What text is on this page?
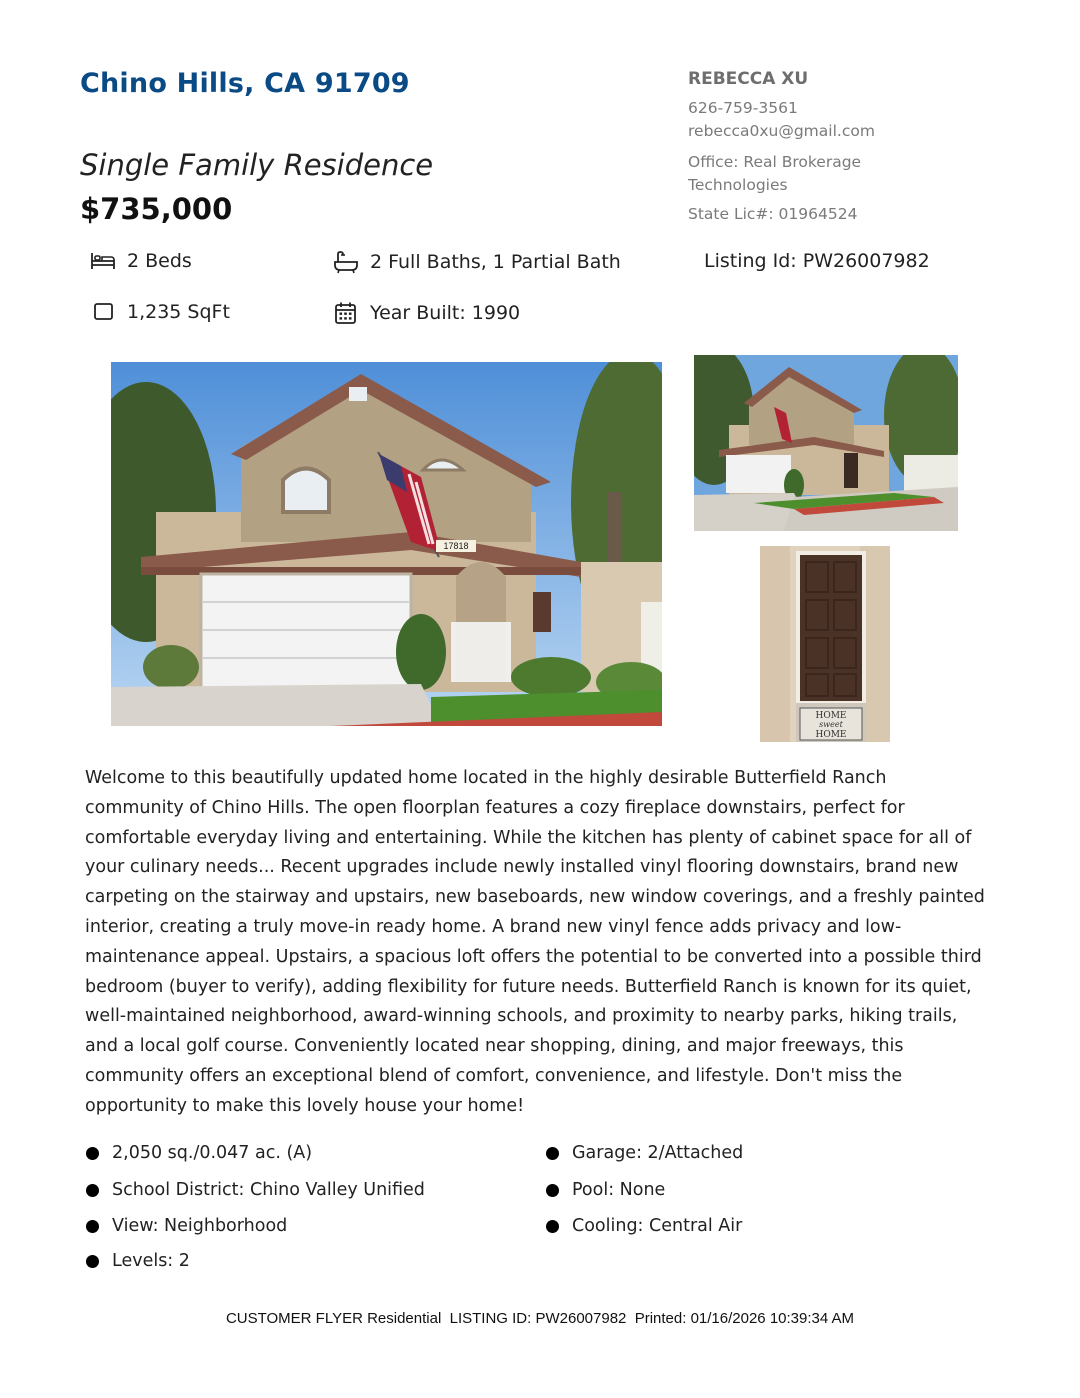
Chino Hills, CA 91709
Single Family Residence
$735,000
REBECCA XU
626-759-3561
rebecca0xu@gmail.com
Office: Real Brokerage
Technologies
State Lic#: 01964524
2 Beds	2 Full Baths, 1 Partial Bath	Listing Id: PW26007982
1,235 SqFt	Year Built: 1990
17818
HOME
sweet
HOME
Welcome to this beautifully updated home located in the highly desirable Butterfield Ranch community of Chino Hills. The open floorplan features a cozy fireplace downstairs, perfect for comfortable everyday living and entertaining. While the kitchen has plenty of cabinet space for all of your culinary needs... Recent upgrades include newly installed vinyl flooring downstairs, brand new carpeting on the stairway and upstairs, new baseboards, new window coverings, and a freshly painted interior, creating a truly move-in ready home. A brand new vinyl fence adds privacy and low-maintenance appeal. Upstairs, a spacious loft offers the potential to be converted into a possible third bedroom (buyer to verify), adding flexibility for future needs. Butterfield Ranch is known for its quiet, well-maintained neighborhood, award-winning schools, and proximity to nearby parks, hiking trails, and a local golf course. Conveniently located near shopping, dining, and major freeways, this community offers an exceptional blend of comfort, convenience, and lifestyle. Don't miss the opportunity to make this lovely house your home!
2,050 sq./0.047 ac. (A)
School District: Chino Valley Unified
View: Neighborhood
Levels: 2
Garage: 2/Attached
Pool: None
Cooling: Central Air
CUSTOMER FLYER Residential  LISTING ID: PW26007982  Printed: 01/16/2026 10:39:34 AM
